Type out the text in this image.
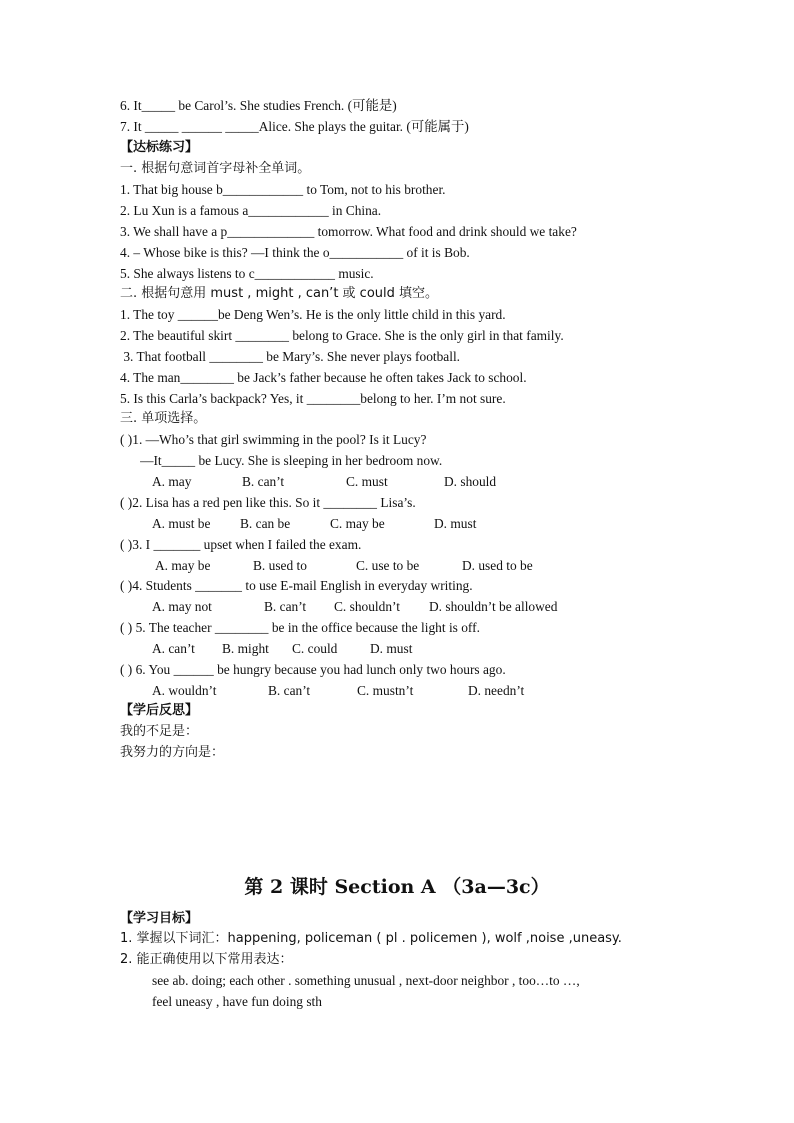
6. It_____ be Carol’s. She studies French. (可能是)
7. It _____ ______ _____Alice. She plays the guitar. (可能属于)
【达标练习】
一. 根据句意词首字母补全单词。
1. That big house b____________ to Tom, not to his brother.
2. Lu Xun is a famous a____________ in China.
3. We shall have a p_____________ tomorrow. What food and drink should we take?
4. – Whose bike is this? —I think the o___________ of it is Bob.
5. She always listens to c____________ music.
二. 根据句意用 must , might , can’t 或 could 填空。
1. The toy ______be Deng Wen’s. He is the only little child in this yard.
2. The beautiful skirt ________ belong to Grace. She is the only girl in that family.
3. That football ________ be Mary’s. She never plays football.
4. The man________ be Jack’s father because he often takes Jack to school.
5. Is this Carla’s backpack? Yes, it ________belong to her. I’m not sure.
三. 单项选择。
( )1. —Who’s that girl swimming in the pool? Is it Lucy?
—It_____ be Lucy. She is sleeping in her bedroom now.
A. may	B. can’t	C. must	D. should
( )2. Lisa has a red pen like this. So it ________ Lisa’s.
A. must be B. can be	C. may be	D. must
( )3. I _______ upset when I failed the exam.
A. may be	B. used to	C. use to be	D. used to be
( )4. Students _______ to use E-mail English in everyday writing.
A. may not	B. can’t C. shouldn’t D. shouldn’t be allowed
( ) 5. The teacher ________ be in the office because the light is off.
A. can’t B. might C. could D. must
( ) 6. You ______ be hungry because you had lunch only two hours ago.
A. wouldn’t	B. can’t	C. mustn’t	D. needn’t
【学后反思】
我的不足是：
我努力的方向是：
第 2 课时 Section A （3a—3c）
【学习目标】
1. 掌握以下词汇：happening, policeman ( pl . policemen ), wolf ,noise ,uneasy.
2. 能正确使用以下常用表达：
see ab. doing; each other . something unusual , next-door neighbor , too…to …,
feel uneasy , have fun doing sth
